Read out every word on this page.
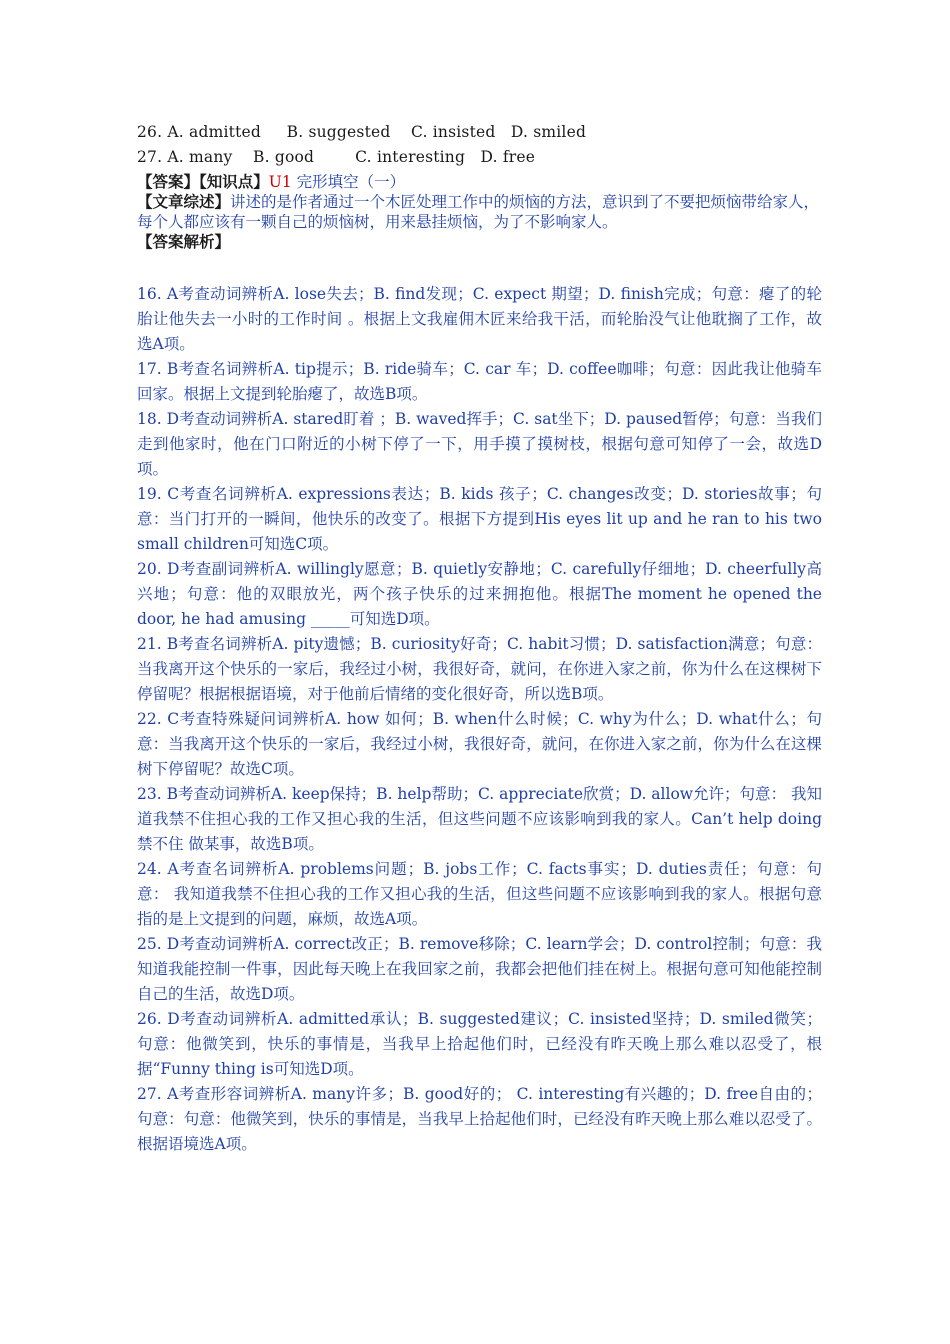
26. A. admitted     B. suggested    C. insisted   D. smiled
27. A. many    B. good        C. interesting   D. free
【答案】【知识点】U1 完形填空（一）
【文章综述】讲述的是作者通过一个木匠处理工作中的烦恼的方法，意识到了不要把烦恼带给家人，每个人都应该有一颗自己的烦恼树，用来悬挂烦恼，为了不影响家人。
【答案解析】
16. A考查动词辨析A. lose失去；B. find发现；C. expect 期望；D. finish完成；句意：瘪了的轮胎让他失去一小时的工作时间 。根据上文我雇佣木匠来给我干活，而轮胎没气让他耽搁了工作，故选A项。
17. B考查名词辨析A. tip提示；B. ride骑车；C. car 车；D. coffee咖啡；句意：因此我让他骑车回家。根据上文提到轮胎瘪了，故选B项。
18. D考查动词辨析A. stared盯着 ；B. waved挥手；C. sat坐下；D. paused暂停；句意：当我们走到他家时，他在门口附近的小树下停了一下，用手摸了摸树枝，根据句意可知停了一会，故选D项。
19. C考查名词辨析A. expressions表达；B. kids 孩子；C. changes改变；D. stories故事；句意：当门打开的一瞬间，他快乐的改变了。根据下方提到His eyes lit up and he ran to his two small children可知选C项。
20. D考查副词辨析A. willingly愿意；B. quietly安静地；C. carefully仔细地；D. cheerfully高兴地；句意：他的双眼放光，两个孩子快乐的过来拥抱他。根据The moment he opened the door, he had amusing _____可知选D项。
21. B考查名词辨析A. pity遗憾；B. curiosity好奇；C. habit习惯；D. satisfaction满意；句意：当我离开这个快乐的一家后，我经过小树，我很好奇，就问，在你进入家之前，你为什么在这棵树下停留呢？根据根据语境，对于他前后情绪的变化很好奇，所以选B项。
22. C考查特殊疑问词辨析A. how 如何；B. when什么时候；C. why为什么；D. what什么；句意：当我离开这个快乐的一家后，我经过小树，我很好奇，就问，在你进入家之前，你为什么在这棵树下停留呢？故选C项。
23. B考查动词辨析A. keep保持；B. help帮助；C. appreciate欣赏；D. allow允许；句意： 我知道我禁不住担心我的工作又担心我的生活，但这些问题不应该影响到我的家人。Can’t help doing 禁不住 做某事，故选B项。
24. A考查名词辨析A. problems问题；B. jobs工作；C. facts事实；D. duties责任；句意：句意： 我知道我禁不住担心我的工作又担心我的生活，但这些问题不应该影响到我的家人。根据句意指的是上文提到的问题，麻烦，故选A项。
25. D考查动词辨析A. correct改正；B. remove移除；C. learn学会；D. control控制；句意：我知道我能控制一件事，因此每天晚上在我回家之前，我都会把他们挂在树上。根据句意可知他能控制自己的生活，故选D项。
26. D考查动词辨析A. admitted承认；B. suggested建议；C. insisted坚持；D. smiled微笑；句意：他微笑到，快乐的事情是，当我早上拾起他们时，已经没有昨天晚上那么难以忍受了，根据“Funny thing is可知选D项。
27. A考查形容词辨析A. many许多；B. good好的； C. interesting有兴趣的；D. free自由的；句意：句意：他微笑到，快乐的事情是，当我早上拾起他们时，已经没有昨天晚上那么难以忍受了。根据语境选A项。
